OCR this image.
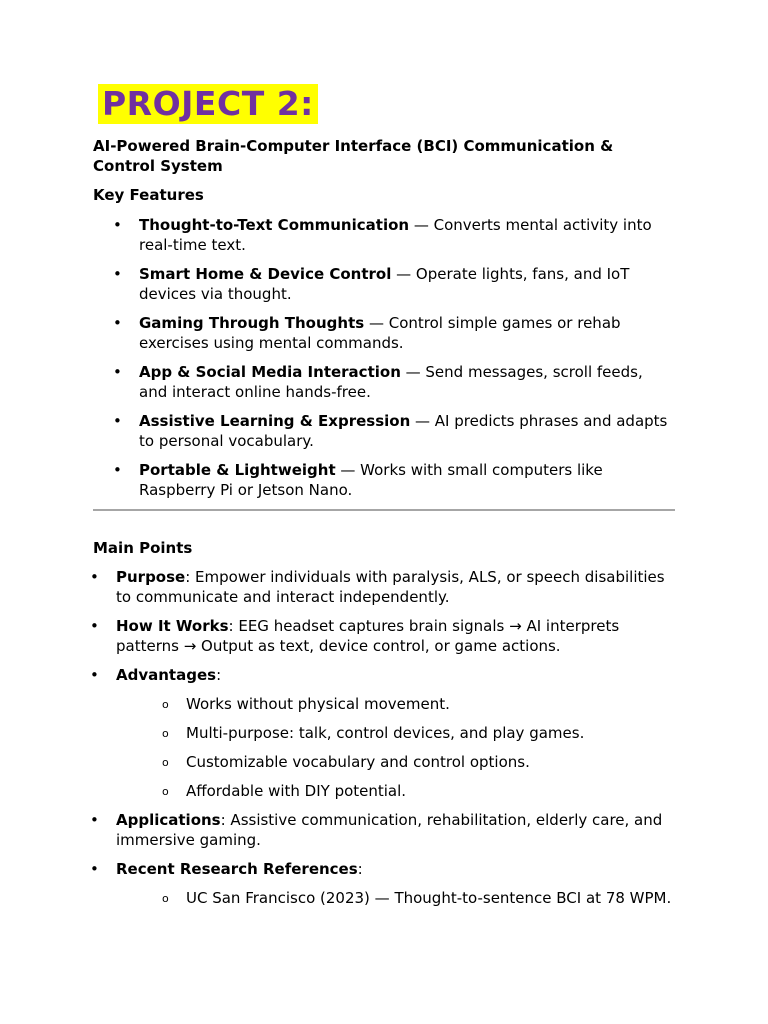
PROJECT 2:

AI-Powered Brain-Computer Interface (BCI) Communication & Control System

Key Features

• Thought-to-Text Communication — Converts mental activity into real-time text.
• Smart Home & Device Control — Operate lights, fans, and IoT devices via thought.
• Gaming Through Thoughts — Control simple games or rehab exercises using mental commands.
• App & Social Media Interaction — Send messages, scroll feeds, and interact online hands-free.
• Assistive Learning & Expression — AI predicts phrases and adapts to personal vocabulary.
• Portable & Lightweight — Works with small computers like Raspberry Pi or Jetson Nano.

Main Points

• Purpose: Empower individuals with paralysis, ALS, or speech disabilities to communicate and interact independently.
• How It Works: EEG headset captures brain signals → AI interprets patterns → Output as text, device control, or game actions.
• Advantages:
o Works without physical movement.
o Multi-purpose: talk, control devices, and play games.
o Customizable vocabulary and control options.
o Affordable with DIY potential.
• Applications: Assistive communication, rehabilitation, elderly care, and immersive gaming.
• Recent Research References:
o UC San Francisco (2023) — Thought-to-sentence BCI at 78 WPM.
